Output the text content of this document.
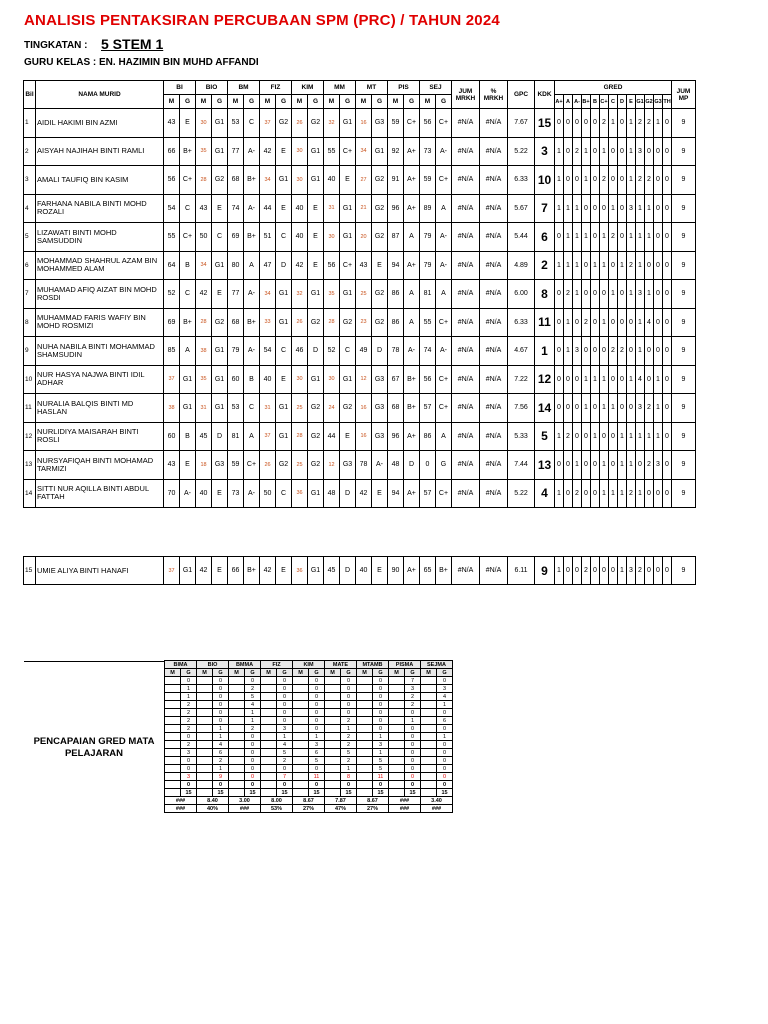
ANALISIS PENTAKSIRAN PERCUBAAN SPM (PRC) / TAHUN 2024
TINGKATAN : 5 STEM 1
GURU KELAS : EN. HAZIMIN BIN MUHD AFFANDI
Bil	NAMA MURID	BI		BIO		BM		FIZ		KIM		MM		MT		PIS		SEJ		JUM MRKH	% MRKH	GPC	KDK	GRED													JUM MP
		M	G	M	G	M	G	M	G	M	G	M	G	M	G	M	G	M	G					A+	A	A-	B+	B	C+	C	D	E	G1	G2	G3	TH	
1	AIDIL HAKIMI BIN AZMI	43	E	30	G1	53	C	37	G2	26	G2	32	G1	16	G3	59	C+	56	C+	#N/A	#N/A	7.67	15	0	0	0	0	0	2	1	0	1	2	2	1	0	9
2	AISYAH NAJIHAH BINTI RAMLI	66	B+	35	G1	77	A-	42	E	30	G1	55	C+	34	G1	92	A+	73	A-	#N/A	#N/A	5.22	3	1	0	2	1	0	1	0	0	1	3	0	0	0	9
3	AMALI TAUFIQ BIN KASIM	56	C+	28	G2	68	B+	34	G1	30	G1	40	E	27	G2	91	A+	59	C+	#N/A	#N/A	6.33	10	1	0	0	1	0	2	0	0	1	2	2	0	0	9
4	FARHANA NABILA BINTI MOHD ROZALI	54	C	43	E	74	A-	44	E	40	E	31	G1	21	G2	96	A+	89	A	#N/A	#N/A	5.67	7	1	1	1	0	0	0	1	0	3	1	1	0	0	9
5	LIZAWATI BINTI MOHD SAMSUDDIN	55	C+	50	C	69	B+	51	C	40	E	30	G1	20	G2	87	A	79	A-	#N/A	#N/A	5.44	6	0	1	1	1	0	1	2	0	1	1	1	0	0	9
6	MOHAMMAD SHAHRUL AZAM BIN MOHAMMED ALAM	64	B	34	G1	80	A	47	D	42	E	56	C+	43	E	94	A+	79	A-	#N/A	#N/A	4.89	2	1	1	1	0	1	1	0	1	2	1	0	0	0	9
7	MUHAMAD AFIQ AIZAT BIN MOHD ROSDI	52	C	42	E	77	A-	34	G1	32	G1	35	G1	25	G2	86	A	81	A	#N/A	#N/A	6.00	8	0	2	1	0	0	0	1	0	1	3	1	0	0	9
8	MUHAMMAD FARIS WAFIY BIN MOHD ROSMIZI	69	B+	28	G2	68	B+	33	G1	26	G2	28	G2	23	G2	86	A	55	C+	#N/A	#N/A	6.33	11	0	1	0	2	0	1	0	0	0	1	4	0	0	9
9	NUHA NABILA BINTI MOHAMMAD SHAMSUDIN	85	A	38	G1	79	A-	54	C	46	D	52	C	49	D	78	A-	74	A-	#N/A	#N/A	4.67	1	0	1	3	0	0	0	2	2	0	1	0	0	0	9
10	NUR HASYA NAJWA BINTI IDIL ADHAR	37	G1	35	G1	60	B	40	E	30	G1	30	G1	12	G3	67	B+	56	C+	#N/A	#N/A	7.22	12	0	0	0	1	1	1	0	0	1	4	0	1	0	9
11	NURALIA BALQIS BINTI MD HASLAN	38	G1	31	G1	53	C	31	G1	25	G2	24	G2	16	G3	68	B+	57	C+	#N/A	#N/A	7.56	14	0	0	0	1	0	1	1	0	0	3	2	1	0	9
12	NURLIDIYA MAISARAH BINTI ROSLI	60	B	45	D	81	A	37	G1	28	G2	44	E	16	G3	96	A+	86	A	#N/A	#N/A	5.33	5	1	2	0	0	1	0	0	1	1	1	1	1	0	9
13	NURSYAFIQAH BINTI MOHAMAD TARMIZI	43	E	18	G3	59	C+	26	G2	25	G2	12	G3	78	A-	48	D	0	G	#N/A	#N/A	7.44	13	0	0	1	0	0	1	0	1	1	0	2	3	0	9
14	SITTI NUR AQILLA BINTI ABDUL FATTAH	70	A-	40	E	73	A-	50	C	36	G1	48	D	42	E	94	A+	57	C+	#N/A	#N/A	5.22	4	1	0	2	0	0	1	1	1	2	1	0	0	0	9
15	UMIE ALIYA BINTI HANAFI	37	G1	42	E	66	B+	42	E	36	G1	45	D	40	E	90	A+	65	B+	#N/A	#N/A	6.11	9	1	0	0	2	0	0	0	1	3	2	0	0	0	9
PENCAPAIAN GRED MATA PELAJARAN
BIMA		BIO		BMMA		FIZ		KIM		MATE		MTAMB		PISMA		SEJMA	
M	G	M	G	M	G	M	G	M	G	M	G	M	G	M	G	M	G
	0		0		0		0		0		0		0		7		0
	1		0		2		0		0		0		0		3		3
	1		0		5		0		0		0		0		2		4
	2		0		4		0		0		0		0		2		1
	2		0		1		0		0		0		0		0		0
	2		0		1		0		0		2		0		1		6
	2		1		2		3		0		1		0		0		0
	0		1		0		1		1		2		1		0		1
	2		4		0		4		3		2		3		0		0
	3		6		0		5		6		5		1		0		0
	0		2		0		2		5		2		5		0		0
	0		1		0		0		0		1		5		0		0
	3		9		0		7		11		8		11		0		0
	0		0		0		0		0		0		0		0		0
	15		15		15		15		15		15		15		15		15
###		8.40		3.00		8.00		8.67		7.87		8.67		###		3.40	
###		40%		###		53%		27%		47%		27%		###		###	
